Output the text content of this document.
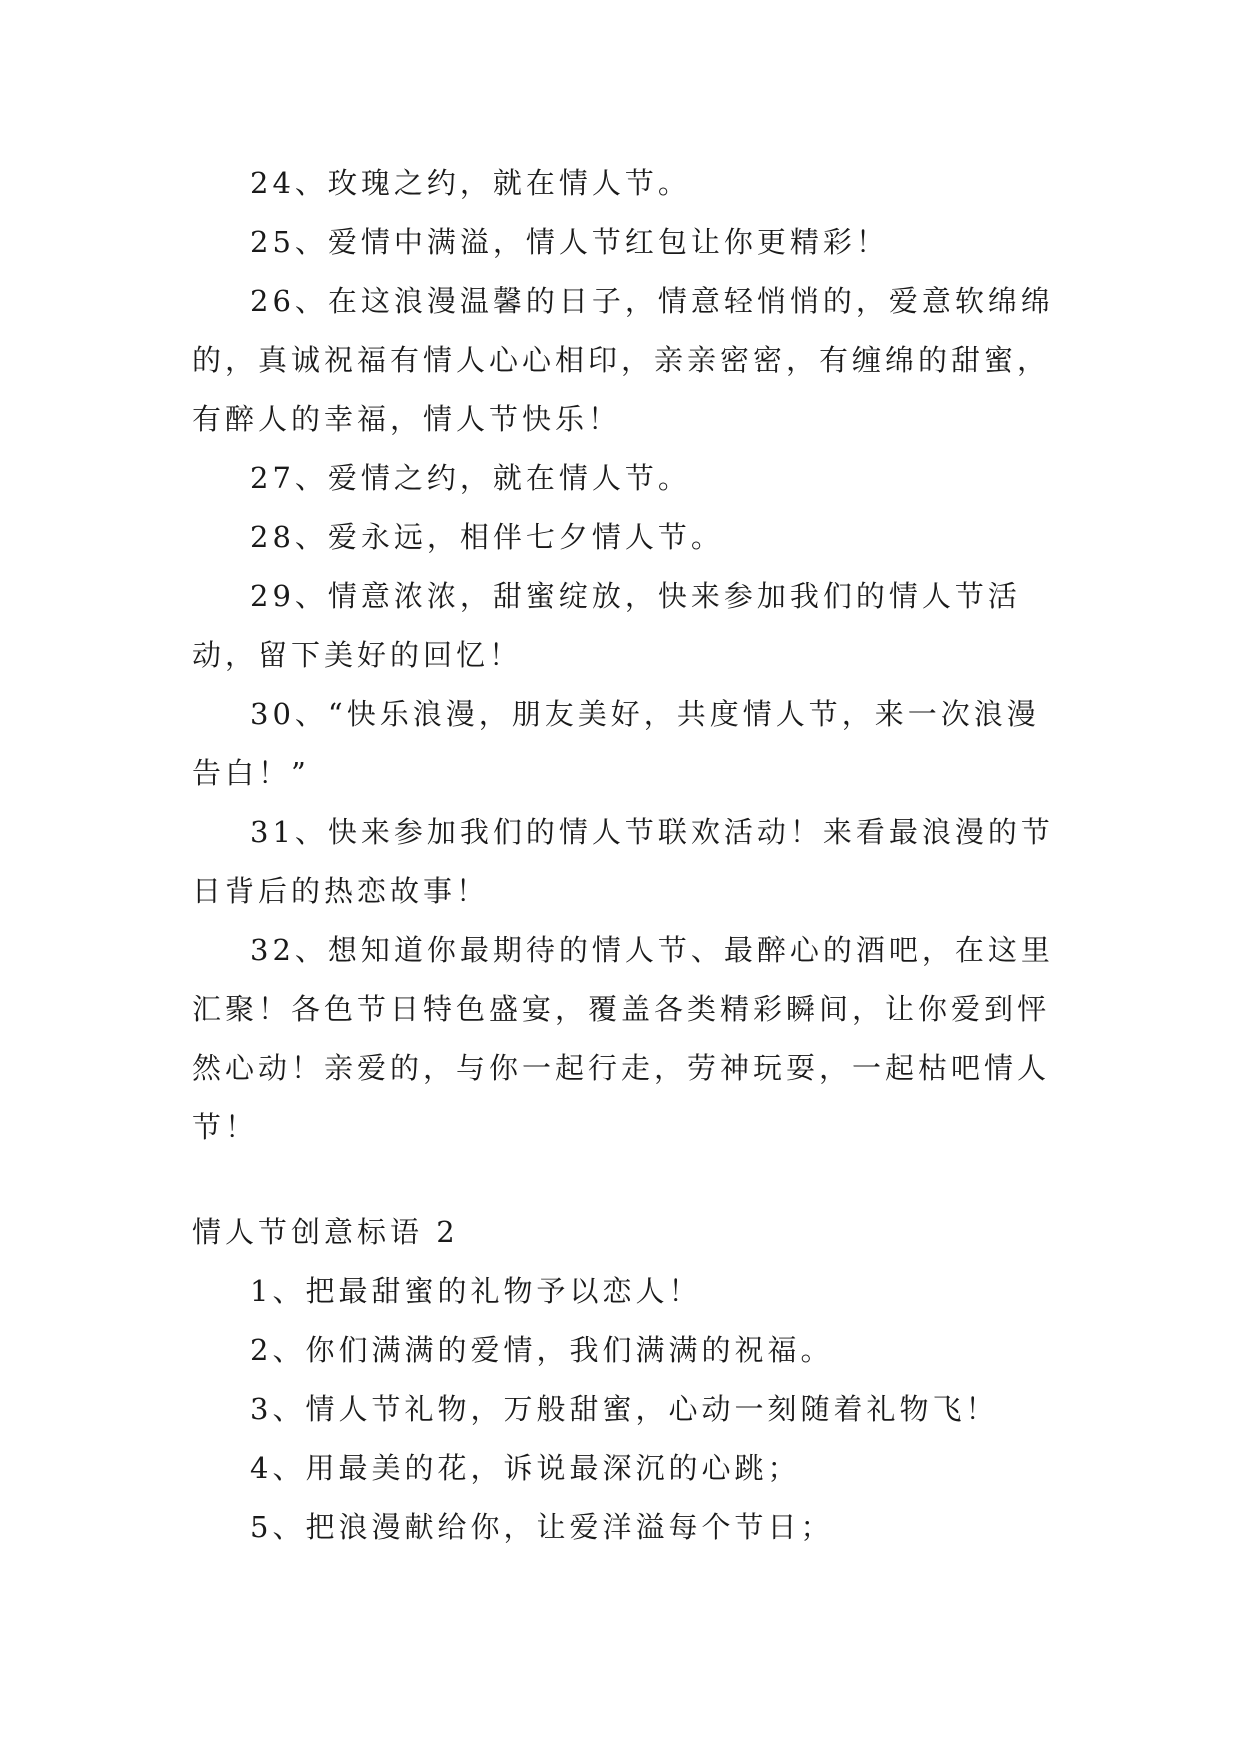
24、玫瑰之约，就在情人节。

25、爱情中满溢，情人节红包让你更精彩！

26、在这浪漫温馨的日子，情意轻悄悄的，爱意软绵绵的，真诚祝福有情人心心相印，亲亲密密，有缠绵的甜蜜，有醉人的幸福，情人节快乐！

27、爱情之约，就在情人节。

28、爱永远，相伴七夕情人节。

29、情意浓浓，甜蜜绽放，快来参加我们的情人节活动，留下美好的回忆！

30、“快乐浪漫，朋友美好，共度情人节，来一次浪漫告白！”

31、快来参加我们的情人节联欢活动！来看最浪漫的节日背后的热恋故事！

32、想知道你最期待的情人节、最醉心的酒吧，在这里汇聚！各色节日特色盛宴，覆盖各类精彩瞬间，让你爱到怦然心动！亲爱的，与你一起行走，劳神玩耍，一起枯吧情人节！

情人节创意标语 2

1、把最甜蜜的礼物予以恋人！

2、你们满满的爱情，我们满满的祝福。

3、情人节礼物，万般甜蜜，心动一刻随着礼物飞！

4、用最美的花，诉说最深沉的心跳；

5、把浪漫献给你，让爱洋溢每个节日；
